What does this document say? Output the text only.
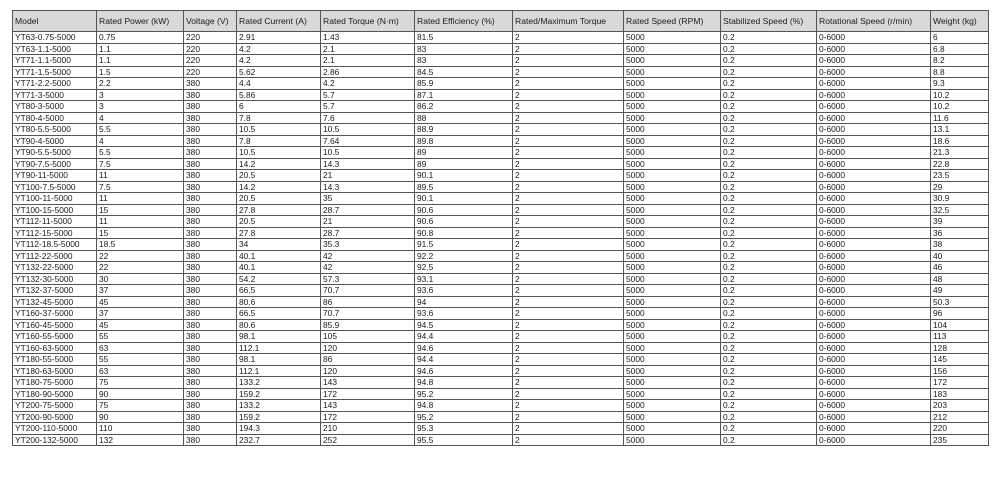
Model	Rated Power (kW)	Voltage (V)	Rated Current (A)	Rated Torque (N·m)	Rated Efficiency (%)	Rated/Maximum Torque	Rated Speed (RPM)	Stabilized Speed (%)	Rotational Speed (r/min)	Weight (kg)
YT63-0.75-5000	0.75	220	2.91	1.43	81.5	2	5000	0.2	0-6000	6
YT63-1.1-5000	1.1	220	4.2	2.1	83	2	5000	0.2	0-6000	6.8
YT71-1.1-5000	1.1	220	4.2	2.1	83	2	5000	0.2	0-6000	8.2
YT71-1.5-5000	1.5	220	5.62	2.86	84.5	2	5000	0.2	0-6000	8.8
YT71-2.2-5000	2.2	380	4.4	4.2	85.9	2	5000	0.2	0-6000	9.3
YT71-3-5000	3	380	5.86	5.7	87.1	2	5000	0.2	0-6000	10.2
YT80-3-5000	3	380	6	5.7	86.2	2	5000	0.2	0-6000	10.2
YT80-4-5000	4	380	7.8	7.6	88	2	5000	0.2	0-6000	11.6
YT80-5.5-5000	5.5	380	10.5	10.5	88.9	2	5000	0.2	0-6000	13.1
YT90-4-5000	4	380	7.8	7.64	89.8	2	5000	0.2	0-6000	18.6
YT90-5.5-5000	5.5	380	10.5	10.5	89	2	5000	0.2	0-6000	21.3
YT90-7.5-5000	7.5	380	14.2	14.3	89	2	5000	0.2	0-6000	22.8
YT90-11-5000	11	380	20.5	21	90.1	2	5000	0.2	0-6000	23.5
YT100-7.5-5000	7.5	380	14.2	14.3	89.5	2	5000	0.2	0-6000	29
YT100-11-5000	11	380	20.5	35	90.1	2	5000	0.2	0-6000	30.9
YT100-15-5000	15	380	27.8	28.7	90.6	2	5000	0.2	0-6000	32.5
YT112-11-5000	11	380	20.5	21	90.6	2	5000	0.2	0-6000	39
YT112-15-5000	15	380	27.8	28.7	90.8	2	5000	0.2	0-6000	36
YT112-18.5-5000	18.5	380	34	35.3	91.5	2	5000	0.2	0-6000	38
YT112-22-5000	22	380	40.1	42	92.2	2	5000	0.2	0-6000	40
YT132-22-5000	22	380	40.1	42	92.5	2	5000	0.2	0-6000	46
YT132-30-5000	30	380	54.2	57.3	93.1	2	5000	0.2	0-6000	48
YT132-37-5000	37	380	66.5	70.7	93.6	2	5000	0.2	0-6000	49
YT132-45-5000	45	380	80.6	86	94	2	5000	0.2	0-6000	50.3
YT160-37-5000	37	380	66.5	70.7	93.6	2	5000	0.2	0-6000	96
YT160-45-5000	45	380	80.6	85.9	94.5	2	5000	0.2	0-6000	104
YT160-55-5000	55	380	98.1	105	94.4	2	5000	0.2	0-6000	113
YT160-63-5000	63	380	112.1	120	94.6	2	5000	0.2	0-6000	128
YT180-55-5000	55	380	98.1	86	94.4	2	5000	0.2	0-6000	145
YT180-63-5000	63	380	112.1	120	94.6	2	5000	0.2	0-6000	156
YT180-75-5000	75	380	133.2	143	94.8	2	5000	0.2	0-6000	172
YT180-90-5000	90	380	159.2	172	95.2	2	5000	0.2	0-6000	183
YT200-75-5000	75	380	133.2	143	94.8	2	5000	0.2	0-6000	203
YT200-90-5000	90	380	159.2	172	95.2	2	5000	0.2	0-6000	212
YT200-110-5000	110	380	194.3	210	95.3	2	5000	0.2	0-6000	220
YT200-132-5000	132	380	232.7	252	95.5	2	5000	0.2	0-6000	235
